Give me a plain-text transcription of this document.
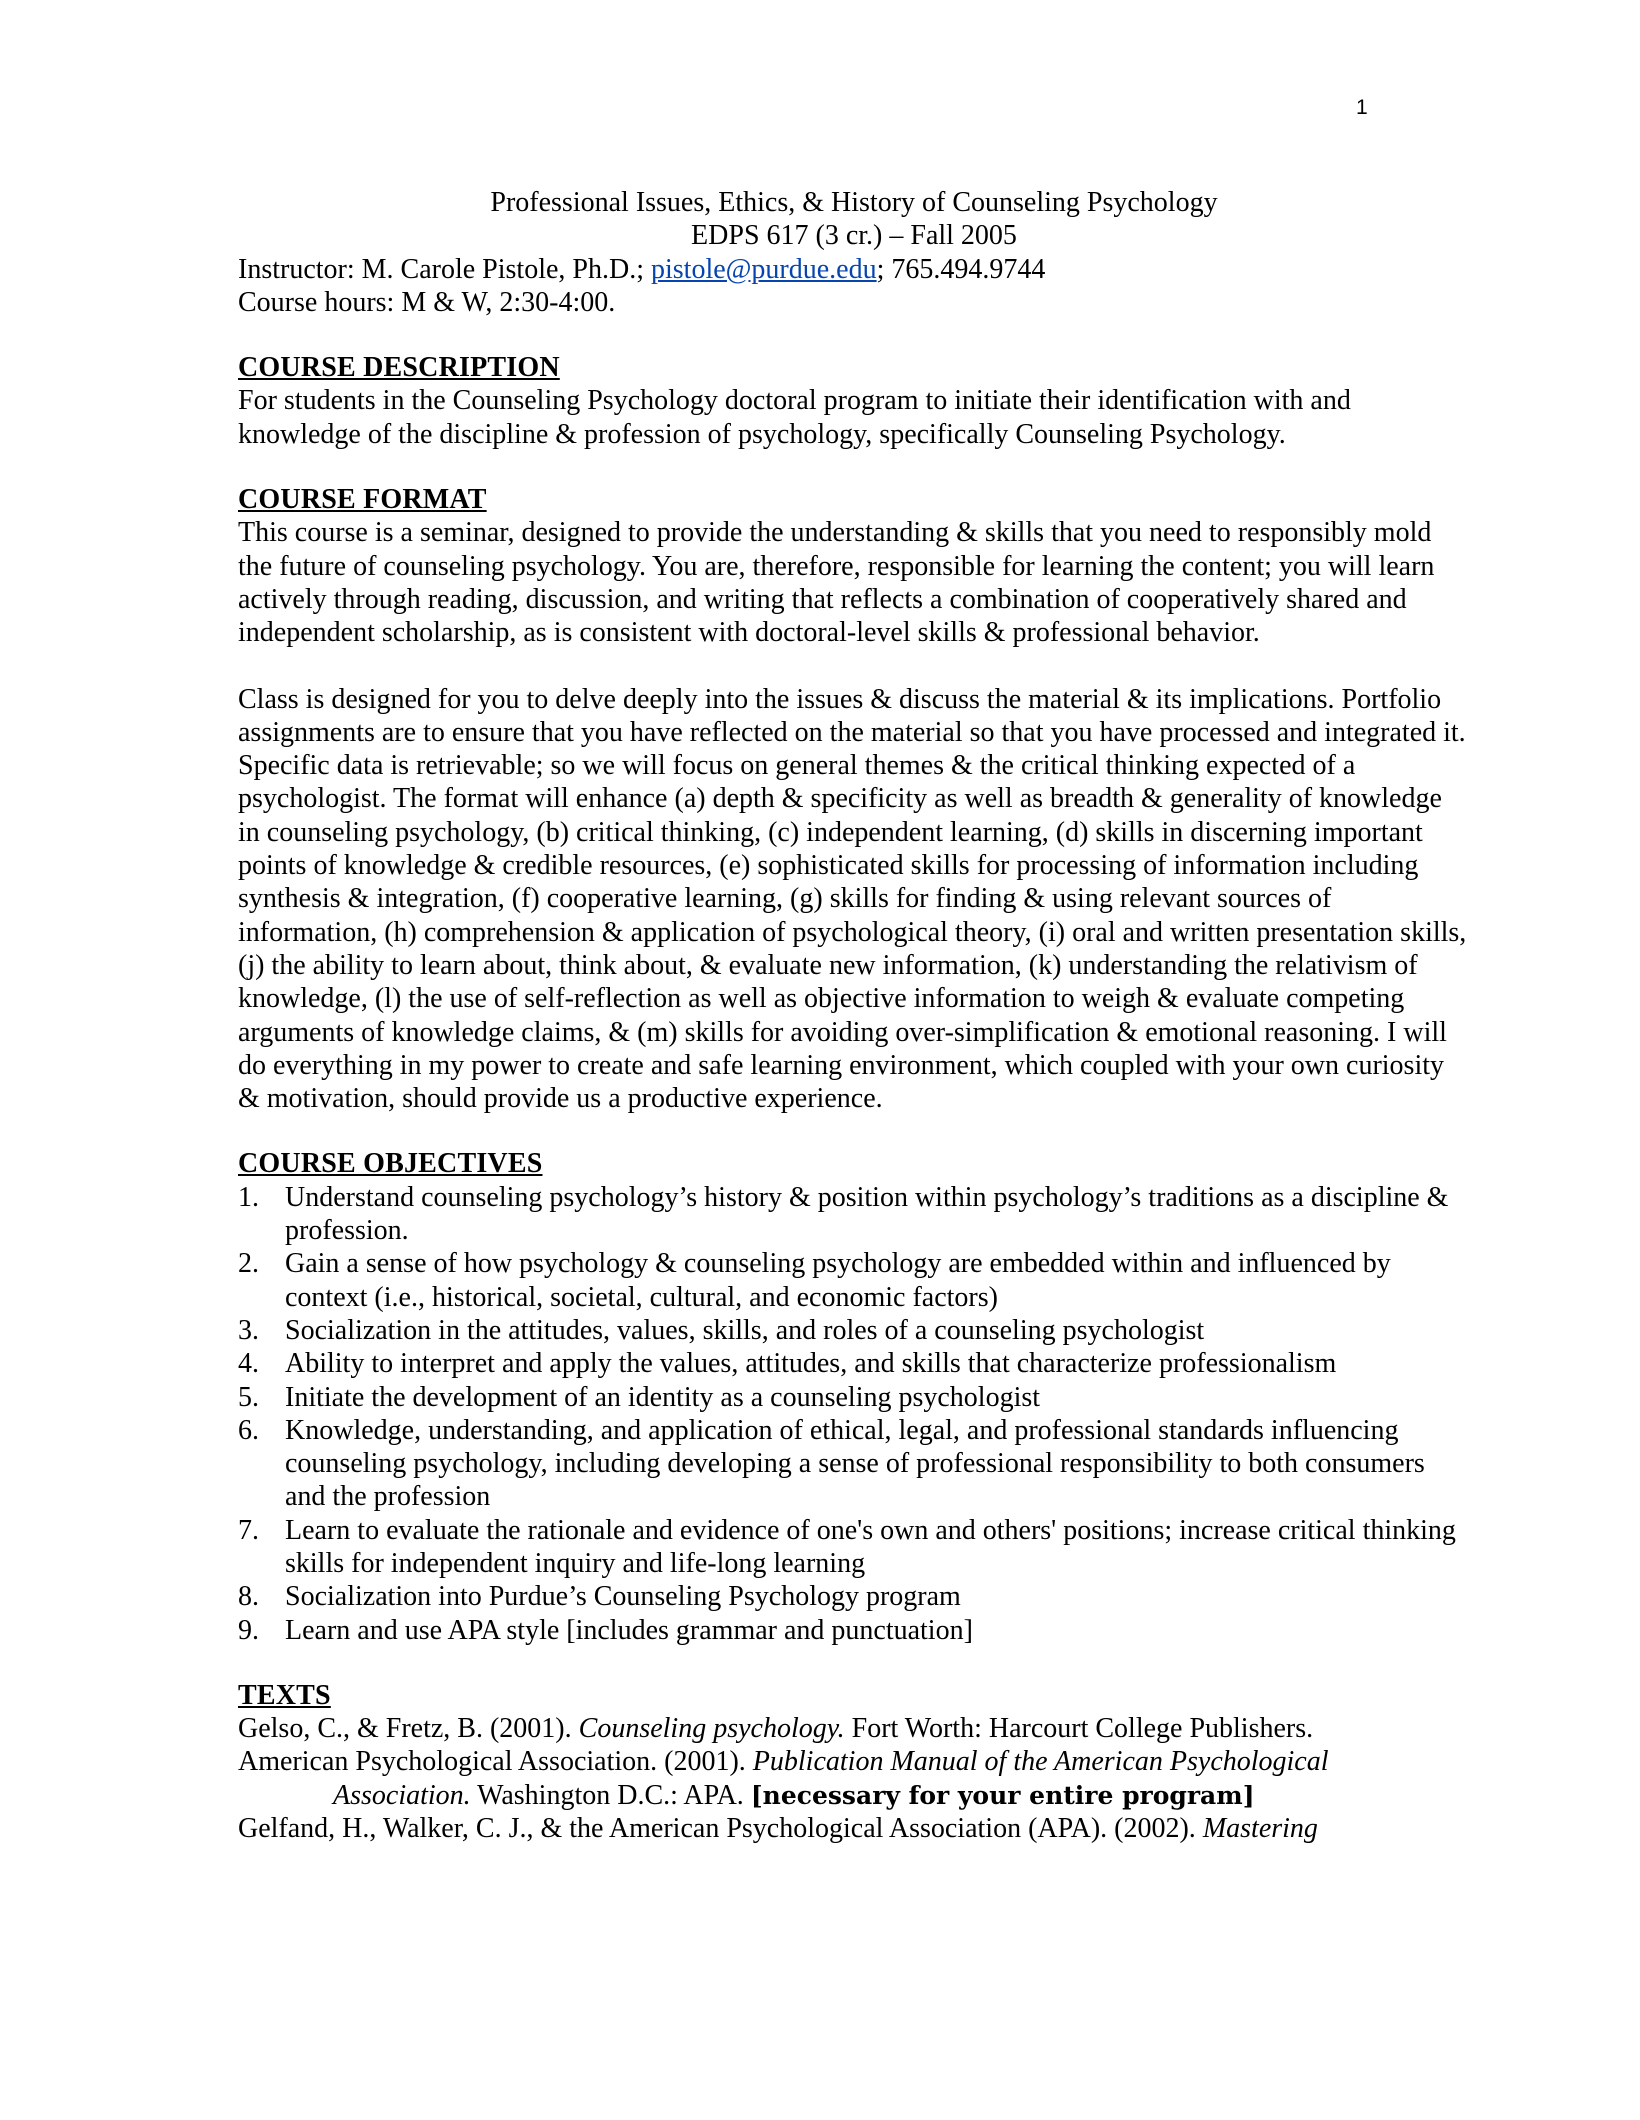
1

Professional Issues, Ethics, & History of Counseling Psychology

EDPS 617 (3 cr.) – Fall 2005

Instructor: M. Carole Pistole, Ph.D.; pistole@purdue.edu; 765.494.9744

Course hours: M & W, 2:30-4:00.

COURSE DESCRIPTION

For students in the Counseling Psychology doctoral program to initiate their identification with and knowledge of the discipline & profession of psychology, specifically Counseling Psychology.

COURSE FORMAT

This course is a seminar, designed to provide the understanding & skills that you need to responsibly mold the future of counseling psychology. You are, therefore, responsible for learning the content; you will learn actively through reading, discussion, and writing that reflects a combination of cooperatively shared and independent scholarship, as is consistent with doctoral-level skills & professional behavior.

Class is designed for you to delve deeply into the issues & discuss the material & its implications. Portfolio assignments are to ensure that you have reflected on the material so that you have processed and integrated it. Specific data is retrievable; so we will focus on general themes & the critical thinking expected of a psychologist. The format will enhance (a) depth & specificity as well as breadth & generality of knowledge in counseling psychology, (b) critical thinking, (c) independent learning, (d) skills in discerning important points of knowledge & credible resources, (e) sophisticated skills for processing of information including synthesis & integration, (f) cooperative learning, (g) skills for finding & using relevant sources of information, (h) comprehension & application of psychological theory, (i) oral and written presentation skills, (j) the ability to learn about, think about, & evaluate new information, (k) understanding the relativism of knowledge, (l) the use of self-reflection as well as objective information to weigh & evaluate competing arguments of knowledge claims, & (m) skills for avoiding over-simplification & emotional reasoning. I will do everything in my power to create and safe learning environment, which coupled with your own curiosity & motivation, should provide us a productive experience.

COURSE OBJECTIVES
1. Understand counseling psychology’s history & position within psychology’s traditions as a discipline & profession.
2. Gain a sense of how psychology & counseling psychology are embedded within and influenced by context (i.e., historical, societal, cultural, and economic factors)
3. Socialization in the attitudes, values, skills, and roles of a counseling psychologist
4. Ability to interpret and apply the values, attitudes, and skills that characterize professionalism
5. Initiate the development of an identity as a counseling psychologist
6. Knowledge, understanding, and application of ethical, legal, and professional standards influencing counseling psychology, including developing a sense of professional responsibility to both consumers and the profession
7. Learn to evaluate the rationale and evidence of one's own and others' positions; increase critical thinking skills for independent inquiry and life-long learning
8. Socialization into Purdue’s Counseling Psychology program
9. Learn and use APA style [includes grammar and punctuation]
TEXTS

Gelso, C., & Fretz, B. (2001). Counseling psychology. Fort Worth: Harcourt College Publishers.

American Psychological Association. (2001). Publication Manual of the American Psychological Association. Washington D.C.: APA. [necessary for your entire program]

Gelfand, H., Walker, C. J., & the American Psychological Association (APA). (2002). Mastering
